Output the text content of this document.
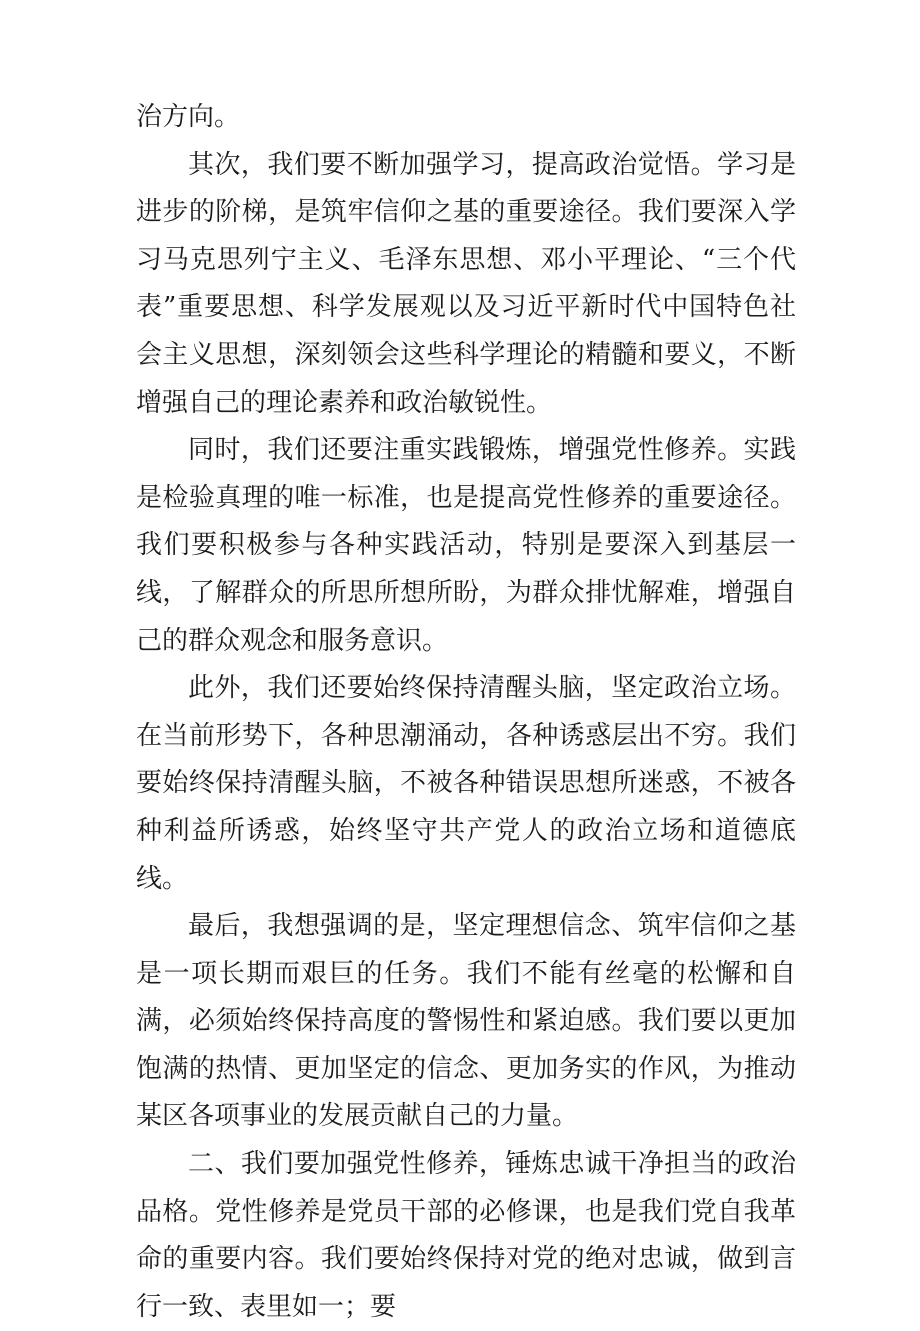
治方向。

其次，我们要不断加强学习，提高政治觉悟。学习是进步的阶梯，是筑牢信仰之基的重要途径。我们要深入学习马克思列宁主义、毛泽东思想、邓小平理论、“三个代表”重要思想、科学发展观以及习近平新时代中国特色社会主义思想，深刻领会这些科学理论的精髓和要义，不断增强自己的理论素养和政治敏锐性。

同时，我们还要注重实践锻炼，增强党性修养。实践是检验真理的唯一标准，也是提高党性修养的重要途径。我们要积极参与各种实践活动，特别是要深入到基层一线，了解群众的所思所想所盼，为群众排忧解难，增强自己的群众观念和服务意识。

此外，我们还要始终保持清醒头脑，坚定政治立场。在当前形势下，各种思潮涌动，各种诱惑层出不穷。我们要始终保持清醒头脑，不被各种错误思想所迷惑，不被各种利益所诱惑，始终坚守共产党人的政治立场和道德底线。

最后，我想强调的是，坚定理想信念、筑牢信仰之基是一项长期而艰巨的任务。我们不能有丝毫的松懈和自满，必须始终保持高度的警惕性和紧迫感。我们要以更加饱满的热情、更加坚定的信念、更加务实的作风，为推动某区各项事业的发展贡献自己的力量。

二、我们要加强党性修养，锤炼忠诚干净担当的政治品格。党性修养是党员干部的必修课，也是我们党自我革命的重要内容。我们要始终保持对党的绝对忠诚，做到言行一致、表里如一；要
